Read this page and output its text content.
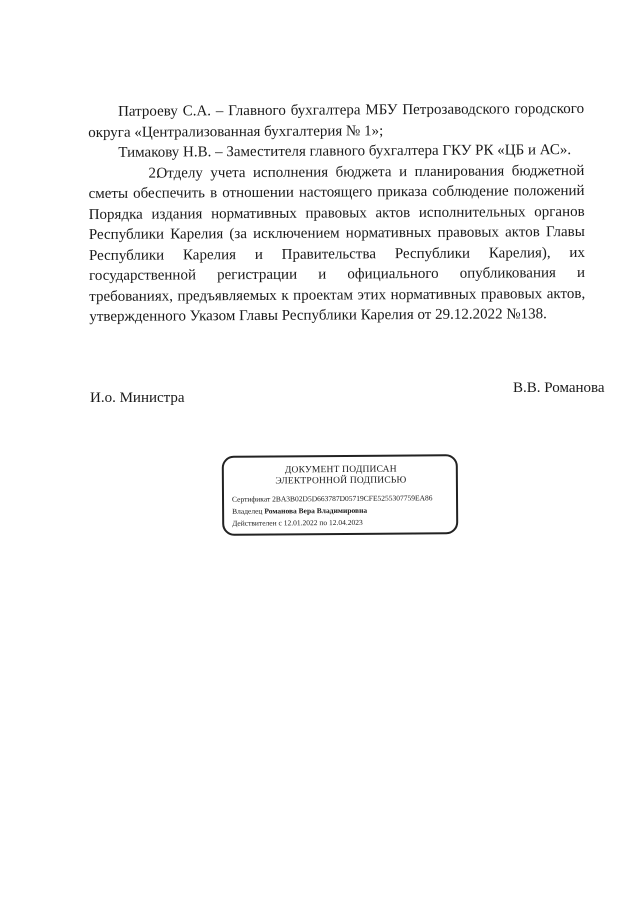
Патроеву С.А. – Главного бухгалтера МБУ Петрозаводского городского округа «Централизованная бухгалтерия № 1»;

Тимакову Н.В. – Заместителя главного бухгалтера ГКУ РК «ЦБ и АС».

2.Отделу учета исполнения бюджета и планирования бюджетной сметы обеспечить в отношении настоящего приказа соблюдение положений Порядка издания нормативных правовых актов исполнительных органов Республики Карелия (за исключением нормативных правовых актов Главы Республики Карелия и Правительства Республики Карелия), их государственной регистрации и официального опубликования и требованиях, предъявляемых к проектам этих нормативных правовых актов, утвержденного Указом Главы Республики Карелия от 29.12.2022 №138.

И.о. Министра
В.В. Романова
ДОКУМЕНТ ПОДПИСАН
ЭЛЕКТРОННОЙ ПОДПИСЬЮ
Сертификат 2BA3B02D5D663787D05719CFE5255307759EA86
Владелец Романова Вера Владимировна
Действителен с 12.01.2022 по 12.04.2023
